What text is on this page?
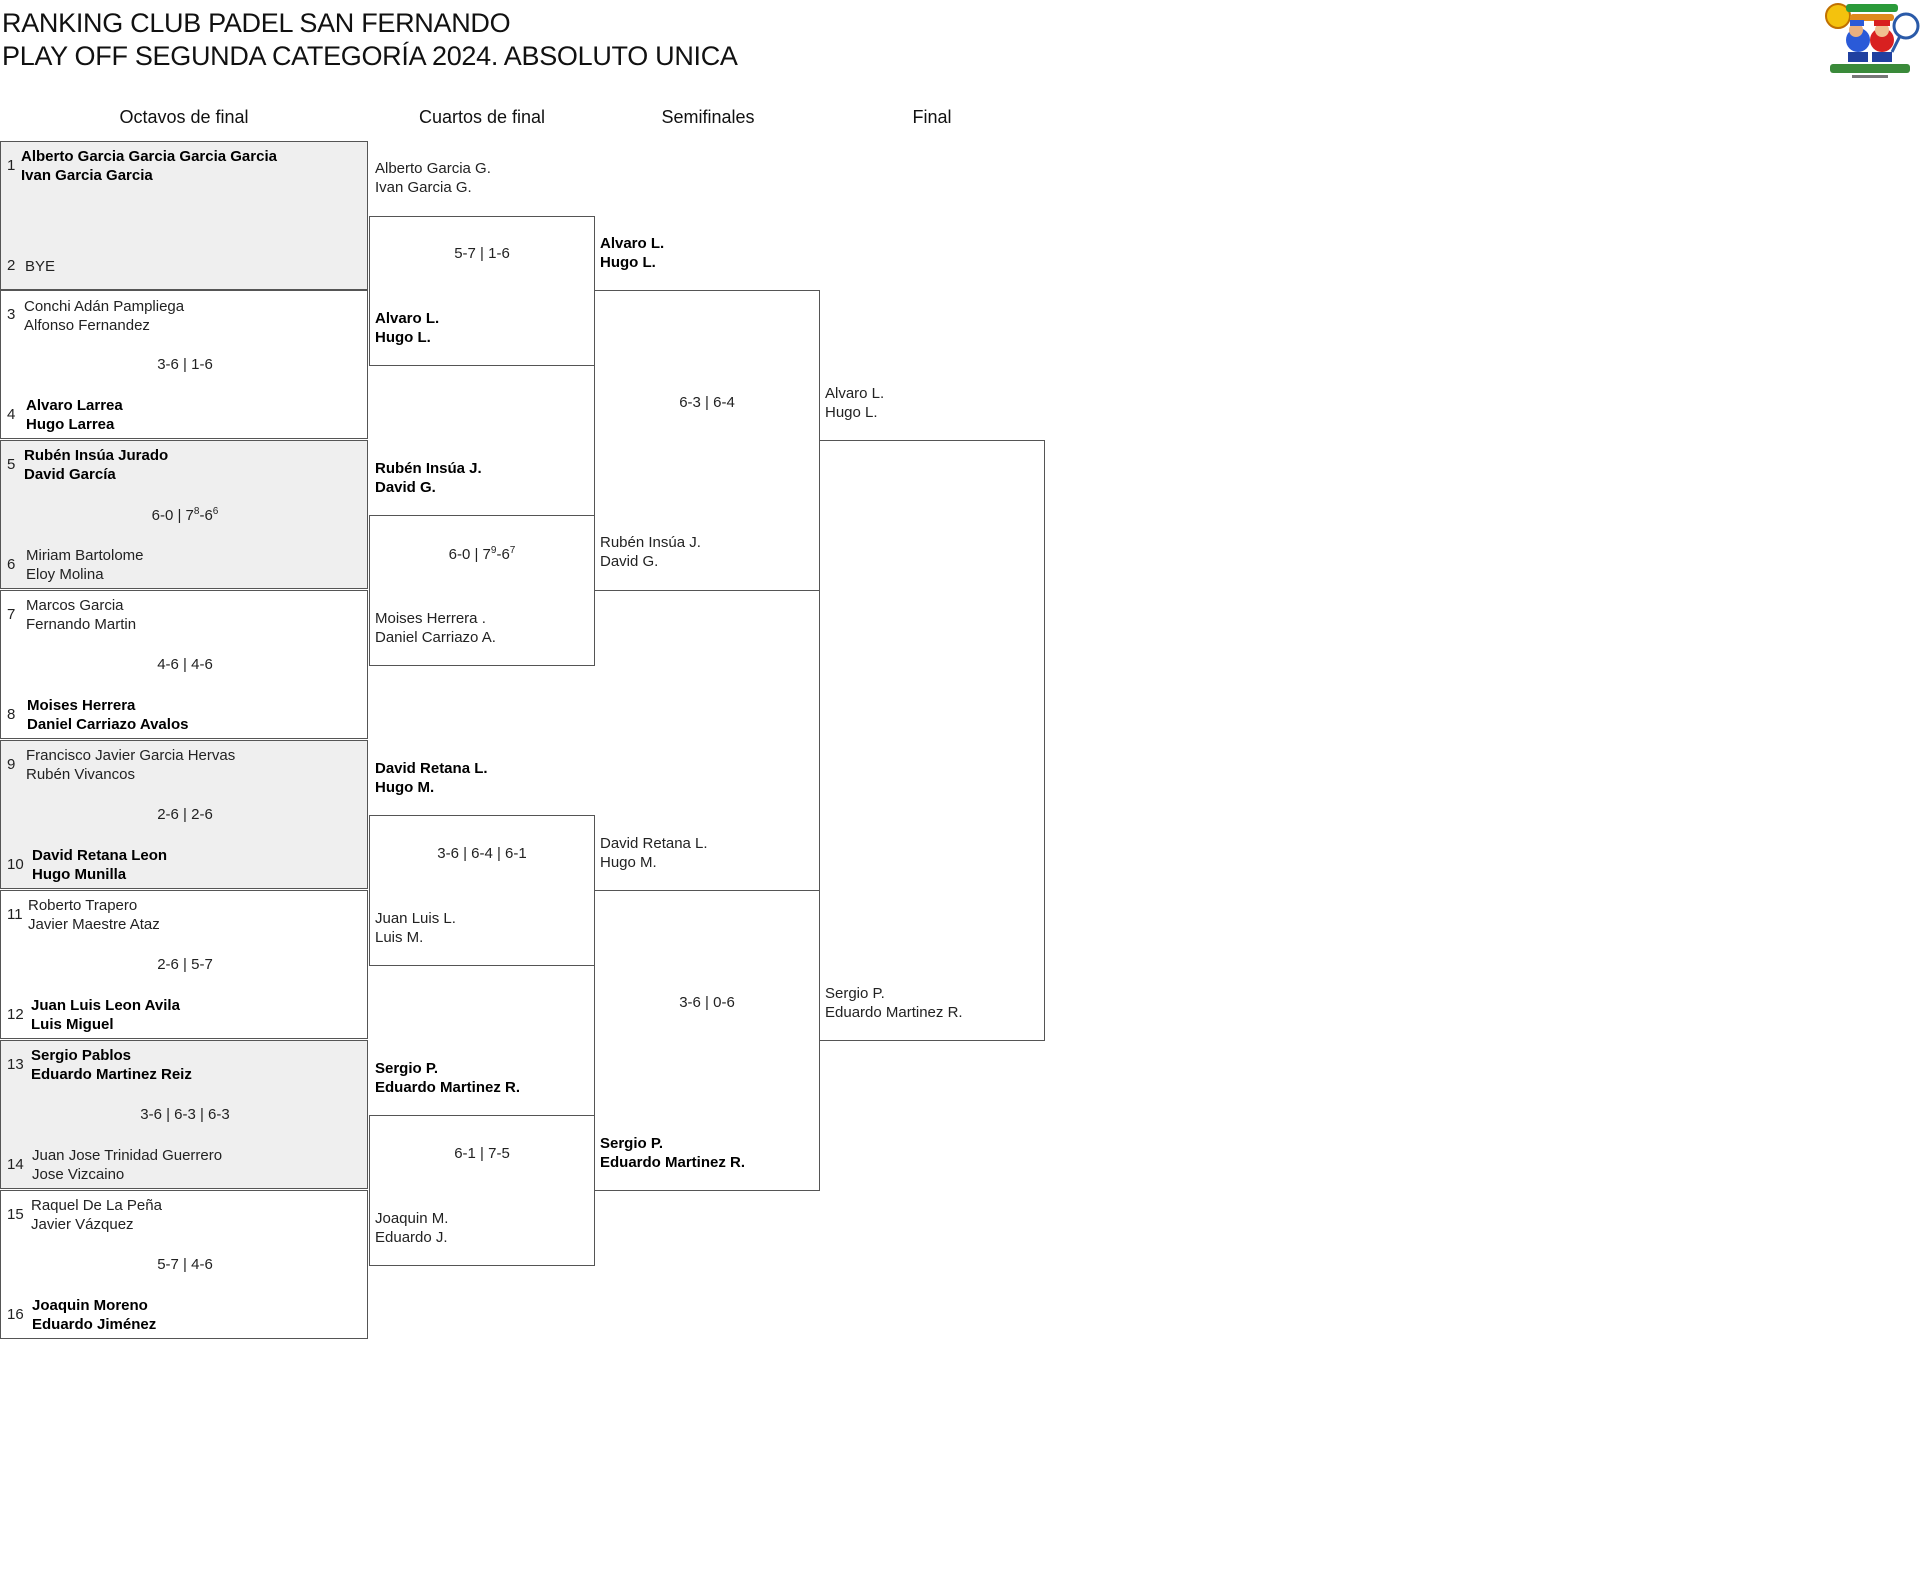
RANKING CLUB PADEL SAN FERNANDO
PLAY OFF SEGUNDA CATEGORÍA 2024. ABSOLUTO UNICA
Octavos de final	Cuartos de final	Semifinales	Final
1
Alberto Garcia Garcia Garcia Garcia
Ivan Garcia Garcia
2 BYE
3 Conchi Adán Pampliega
Alfonso Fernandez
3-6 | 1-6
4
Alvaro Larrea
Hugo Larrea
5
Rubén Insúa Jurado
David García
6-0 | $7^8-6^6$
6
Miriam Bartolome
Eloy Molina
7
Marcos Garcia
Fernando Martin
4-6 | 4-6
8
Moises Herrera
Daniel Carriazo Avalos
9
Francisco Javier Garcia Hervas
Rubén Vivancos
2-6 | 2-6
10
David Retana Leon
Hugo Munilla
11
Roberto Trapero
Javier Maestre Ataz
2-6 | 5-7
12
Juan Luis Leon Avila
Luis Miguel
13
Sergio Pablos
Eduardo Martinez Reiz
3-6 | 6-3 | 6-3
14
Juan Jose Trinidad Guerrero
Jose Vizcaino
15
Raquel De La Peña
Javier Vázquez
5-7 | 4-6
16
Joaquin Moreno
Eduardo Jiménez
Alberto Garcia G.
Ivan Garcia G.
5-7 | 1-6
Alvaro L.
Hugo L.
Rubén Insúa J.
David G.
6-0 | $7^9-6^7$
Moises Herrera .
Daniel Carriazo A.
David Retana L.
Hugo M.
3-6 | 6-4 | 6-1
Juan Luis L.
Luis M.
Sergio P.
Eduardo Martinez R.
6-1 | 7-5
Joaquin M.
Eduardo J.
Alvaro L.
Hugo L.
6-3 | 6-4
Rubén Insúa J.
David G.
David Retana L.
Hugo M.
3-6 | 0-6
Sergio P.
Eduardo Martinez R.
Alvaro L.
Hugo L.
Sergio P.
Eduardo Martinez R.
